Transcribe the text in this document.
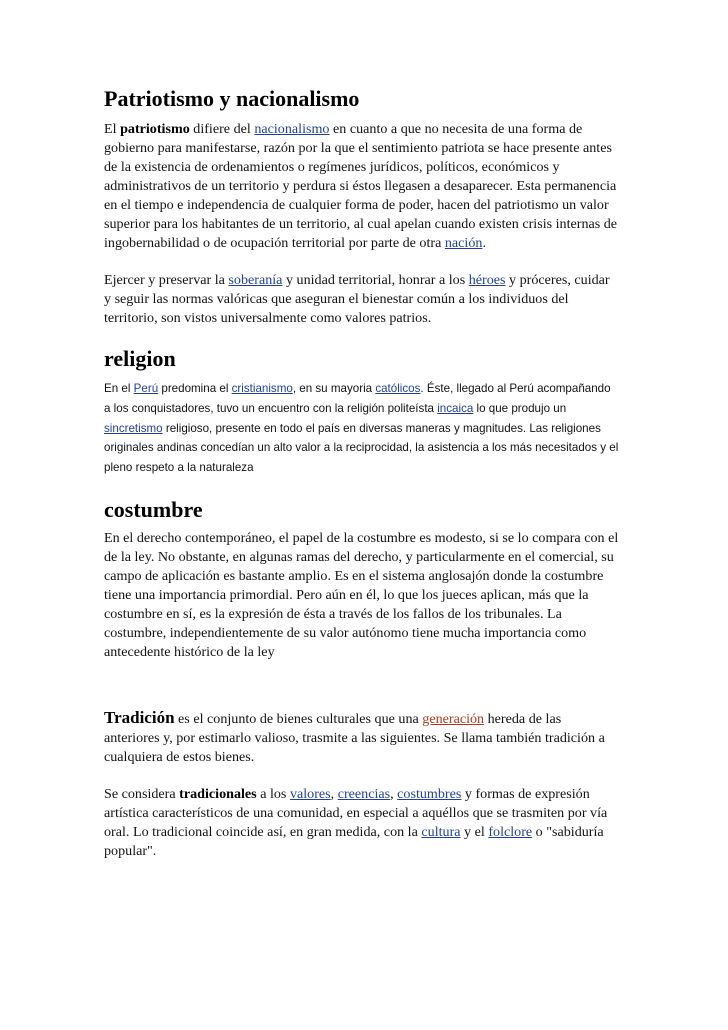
Patriotismo y nacionalismo

El patriotismo difiere del nacionalismo en cuanto a que no necesita de una forma de gobierno para manifestarse, razón por la que el sentimiento patriota se hace presente antes de la existencia de ordenamientos o regímenes jurídicos, políticos, económicos y administrativos de un territorio y perdura si éstos llegasen a desaparecer. Esta permanencia en el tiempo e independencia de cualquier forma de poder, hacen del patriotismo un valor superior para los habitantes de un territorio, al cual apelan cuando existen crisis internas de ingobernabilidad o de ocupación territorial por parte de otra nación.

Ejercer y preservar la soberanía y unidad territorial, honrar a los héroes y próceres, cuidar y seguir las normas valóricas que aseguran el bienestar común a los individuos del territorio, son vistos universalmente como valores patrios.

religion

En el Perú predomina el cristianismo, en su mayoria católicos. Éste, llegado al Perú acompañando a los conquistadores, tuvo un encuentro con la religión politeísta incaica lo que produjo un sincretismo religioso, presente en todo el país en diversas maneras y magnitudes. Las religiones originales andinas concedían un alto valor a la reciprocidad, la asistencia a los más necesitados y el pleno respeto a la naturaleza

costumbre

En el derecho contemporáneo, el papel de la costumbre es modesto, si se lo compara con el de la ley. No obstante, en algunas ramas del derecho, y particularmente en el comercial, su campo de aplicación es bastante amplio. Es en el sistema anglosajón donde la costumbre tiene una importancia primordial. Pero aún en él, lo que los jueces aplican, más que la costumbre en sí, es la expresión de ésta a través de los fallos de los tribunales. La costumbre, independientemente de su valor autónomo tiene mucha importancia como antecedente histórico de la ley

Tradición es el conjunto de bienes culturales que una generación hereda de las anteriores y, por estimarlo valioso, trasmite a las siguientes. Se llama también tradición a cualquiera de estos bienes.

Se considera tradicionales a los valores, creencias, costumbres y formas de expresión artística característicos de una comunidad, en especial a aquéllos que se trasmiten por vía oral. Lo tradicional coincide así, en gran medida, con la cultura y el folclore o "sabiduría popular".
